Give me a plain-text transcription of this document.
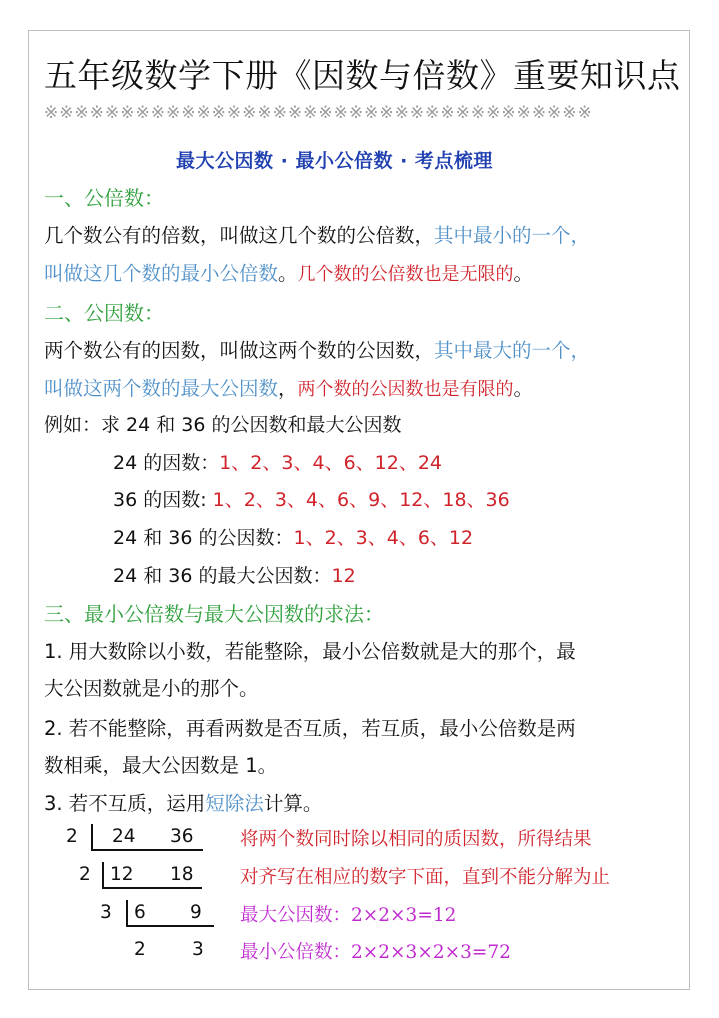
五年级数学下册《因数与倍数》重要知识点
※※※※※※※※※※※※※※※※※※※※※※※※※※※※※※※※※※※※
最大公因数 · 最小公倍数 · 考点梳理
一、公倍数：
几个数公有的倍数，叫做这几个数的公倍数，其中最小的一个，
叫做这几个数的最小公倍数。几个数的公倍数也是无限的。
二、公因数：
两个数公有的因数，叫做这两个数的公因数，其中最大的一个，
叫做这两个数的最大公因数，两个数的公因数也是有限的。
例如：求 24 和 36 的公因数和最大公因数
24 的因数：1、2、3、4、6、12、24
36 的因数: 1、2、3、4、6、9、12、18、36
24 和 36 的公因数：1、2、3、4、6、12
24 和 36 的最大公因数：12
三、最小公倍数与最大公因数的求法：
1. 用大数除以小数，若能整除，最小公倍数就是大的那个，最
大公因数就是小的那个。
2. 若不能整除，再看两数是否互质，若互质，最小公倍数是两
数相乘，最大公因数是 1。
3. 若不互质，运用短除法计算。
2 24 36
2 12 18
3 6 9
2 3
将两个数同时除以相同的质因数，所得结果
对齐写在相应的数字下面，直到不能分解为止
最大公因数：2×2×3=12
最小公倍数：2×2×3×2×3=72
